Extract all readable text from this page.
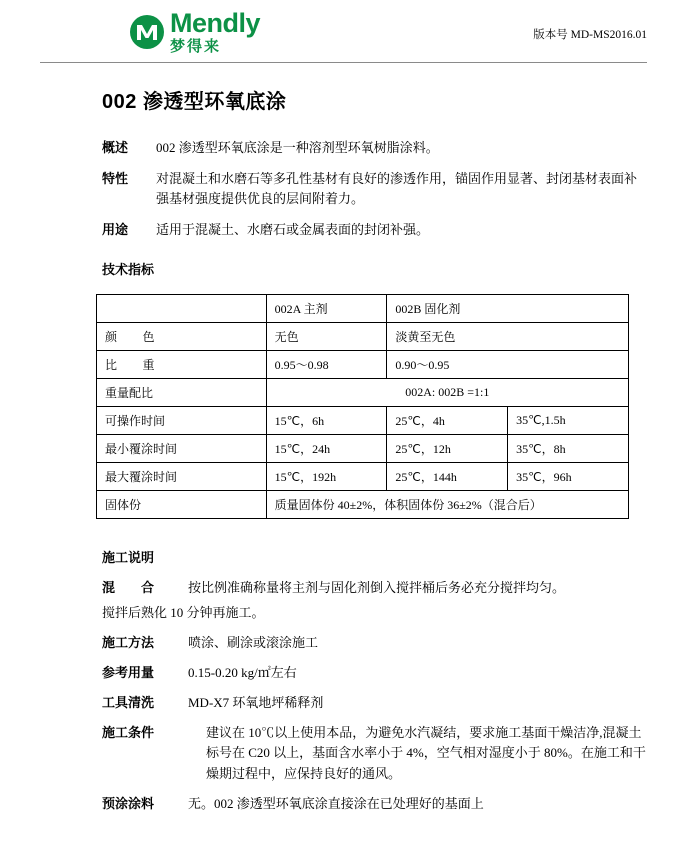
Mendly
梦得来
版本号 MD-MS2016.01
002 渗透型环氧底涂
概述	002 渗透型环氧底涂是一种溶剂型环氧树脂涂料。
特性	对混凝土和水磨石等多孔性基材有良好的渗透作用，锚固作用显著、封闭基材表面补强基材强度提供优良的层间附着力。
用途	适用于混凝土、水磨石或金属表面的封闭补强。
技术指标
	002A 主剂	002B 固化剂	
颜　　色	无色	淡黄至无色	
比　　重	0.95～0.98	0.90～0.95	
重量配比	002A: 002B =1:1		
可操作时间	15℃，6h	25℃，4h	35℃,1.5h
最小覆涂时间	15℃，24h	25℃，12h	35℃，8h
最大覆涂时间	15℃，192h	25℃，144h	35℃，96h
固体份	质量固体份 40±2%，体积固体份 36±2%（混合后）		
施工说明
混　　合	按比例准确称量将主剂与固化剂倒入搅拌桶后务必充分搅拌均匀。
搅拌后熟化 10 分钟再施工。
施工方法	喷涂、刷涂或滚涂施工
参考用量	0.15-0.20 kg/㎡左右
工具清洗	MD-X7 环氧地坪稀释剂
施工条件	建议在 10℃以上使用本品，为避免水汽凝结，要求施工基面干燥洁净,混凝土标号在 C20 以上，基面含水率小于 4%，空气相对湿度小于 80%。在施工和干燥期过程中，应保持良好的通风。
预涂涂料	无。002 渗透型环氧底涂直接涂在已处理好的基面上
